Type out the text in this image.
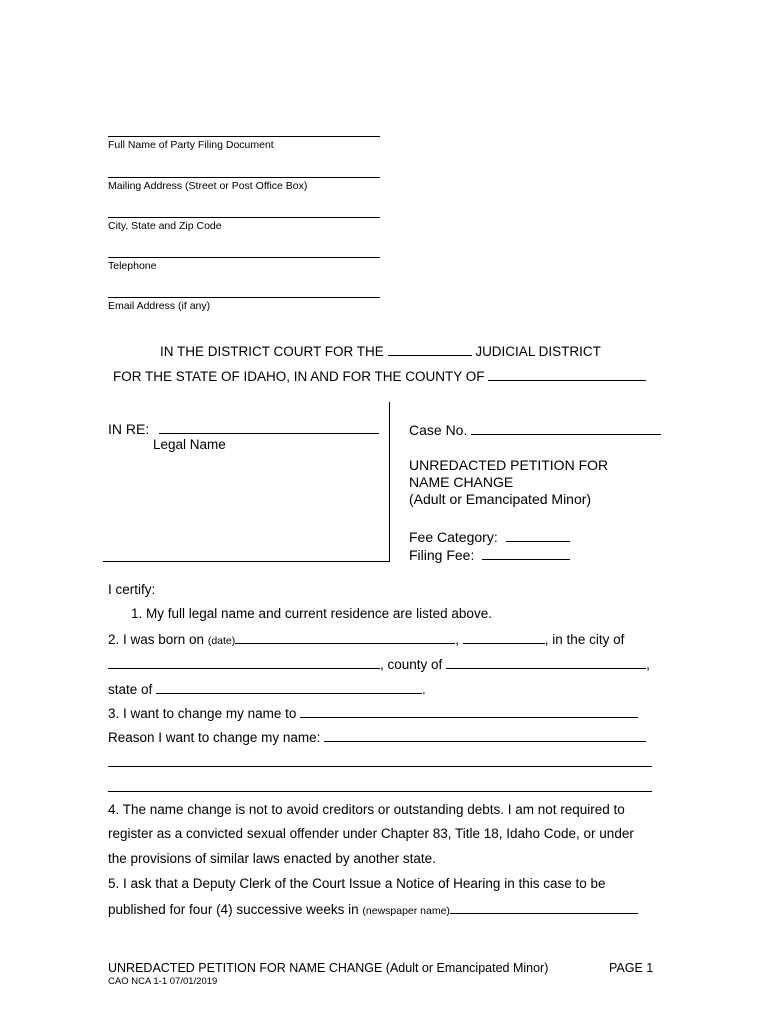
Full Name of Party Filing Document
Mailing Address (Street or Post Office Box)
City, State and Zip Code
Telephone
Email Address (if any)
IN THE DISTRICT COURT FOR THE	JUDICIAL DISTRICT
FOR THE STATE OF IDAHO, IN AND FOR THE COUNTY OF
IN RE:
Legal Name
Case No.
UNREDACTED PETITION FOR
NAME CHANGE
(Adult or Emancipated Minor)
Fee Category:
Filing Fee:
I certify:
1. My full legal name and current residence are listed above.
2. I was born on (date)	,	, in the city of
, county of	,
state of	.
3. I want to change my name to
Reason I want to change my name:
4. The name change is not to avoid creditors or outstanding debts. I am not required to
register as a convicted sexual offender under Chapter 83, Title 18, Idaho Code, or under
the provisions of similar laws enacted by another state.
5. I ask that a Deputy Clerk of the Court Issue a Notice of Hearing in this case to be
published for four (4) successive weeks in (newspaper name)
UNREDACTED PETITION FOR NAME CHANGE (Adult or Emancipated Minor)	PAGE 1
CAO NCA 1-1 07/01/2019
